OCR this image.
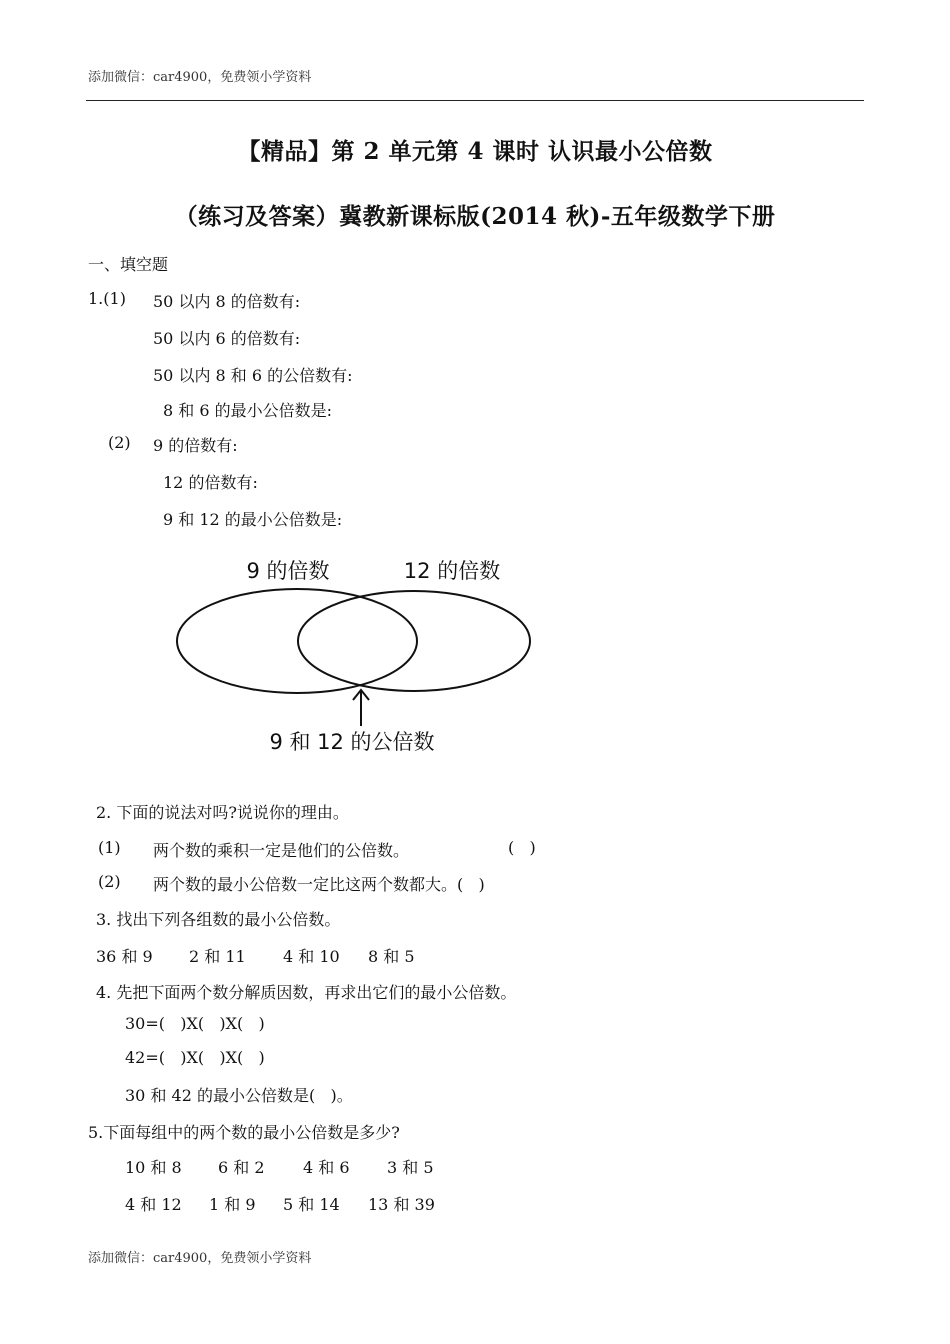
添加微信：car4900，免费领小学资料
【精品】第 2 单元第 4 课时 认识最小公倍数
（练习及答案）冀教新课标版(2014 秋)-五年级数学下册
一、填空题
1.(1) 50 以内 8 的倍数有:
50 以内 6 的倍数有:
50 以内 8 和 6 的公倍数有:
8 和 6 的最小公倍数是:
(2) 9 的倍数有:
12 的倍数有:
9 和 12 的最小公倍数是:
9 的倍数	12 的倍数
9 和 12 的公倍数
2. 下面的说法对吗?说说你的理由。
(1) 两个数的乘积一定是他们的公倍数。	(   )
(2) 两个数的最小公倍数一定比这两个数都大。(   )
3. 找出下列各组数的最小公倍数。
36 和 9 2 和 11 4 和 10 8 和 5
4. 先把下面两个数分解质因数，再求出它们的最小公倍数。
30=(   )X(   )X(   )
42=(   )X(   )X(   )
30 和 42 的最小公倍数是(   )。
5.下面每组中的两个数的最小公倍数是多少?
10 和 8 6 和 2 4 和 6 3 和 5
4 和 12 1 和 9 5 和 14 13 和 39
添加微信：car4900，免费领小学资料
